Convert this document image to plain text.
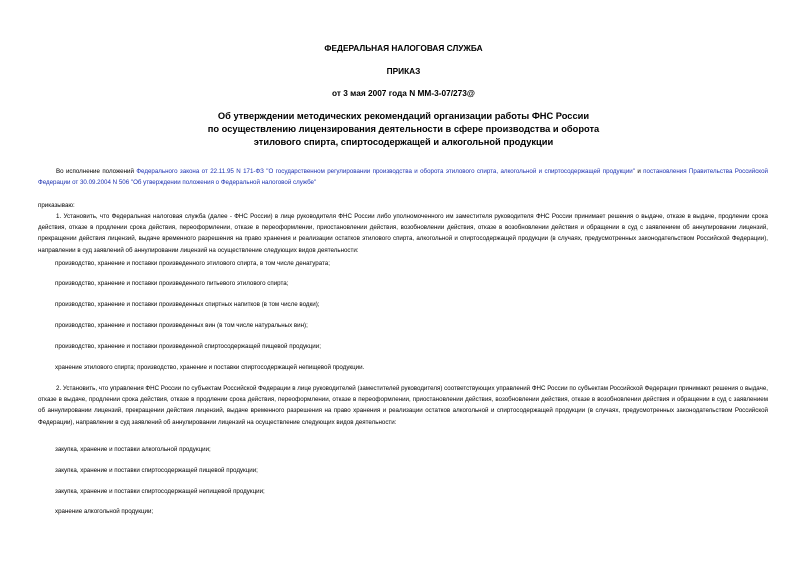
ФЕДЕРАЛЬНАЯ НАЛОГОВАЯ СЛУЖБА
ПРИКАЗ
от 3 мая 2007 года N ММ-3-07/273@
Об утверждении методических рекомендаций организации работы ФНС России
по осуществлению лицензирования деятельности в сфере производства и оборота
этилового спирта, спиртосодержащей и алкогольной продукции
Во исполнение положений Федерального закона от 22.11.95 N 171-ФЗ "О государственном регулировании производства и оборота этилового спирта, алкогольной и спиртосодержащей продукции" и постановления Правительства Российской Федерации от 30.09.2004 N 506 "Об утверждении положения о Федеральной налоговой службе"
приказываю:
1. Установить, что Федеральная налоговая служба (далее - ФНС России) в лице руководителя ФНС России либо уполномоченного им заместителя руководителя ФНС России принимает решения о выдаче, отказе в выдаче, продлении срока действия, отказе в продлении срока действия, переоформлении, отказе в переоформлении, приостановлении действия, возобновлении действия, отказе в возобновлении действия и обращении в суд с заявлением об аннулировании лицензий, прекращении действия лицензий, выдаче временного разрешения на право хранения и реализации остатков этилового спирта, алкогольной и спиртосодержащей продукции (в случаях, предусмотренных законодательством Российской Федерации), направлении в суд заявлений об аннулировании лицензий на осуществление следующих видов деятельности:
производство, хранение и поставки произведенного этилового спирта, в том числе денатурата;
производство, хранение и поставки произведенного питьевого этилового спирта;
производство, хранение и поставки произведенных спиртных напитков (в том числе водки);
производство, хранение и поставки произведенных вин (в том числе натуральных вин);
производство, хранение и поставки произведенной спиртосодержащей пищевой продукции;
хранение этилового спирта; производство, хранение и поставки спиртосодержащей непищевой продукции.
2. Установить, что управления ФНС России по субъектам Российской Федерации в лице руководителей (заместителей руководителя) соответствующих управлений ФНС России по субъектам Российской Федерации принимают решения о выдаче, отказе в выдаче, продлении срока действия, отказе в продлении срока действия, переоформлении, отказе в переоформлении, приостановлении действия, возобновлении действия, отказе в возобновлении действия и обращении в суд с заявлением об аннулировании лицензий, прекращении действия лицензий, выдаче временного разрешения на право хранения и реализации остатков алкогольной и спиртосодержащей продукции (в случаях, предусмотренных законодательством Российской Федерации), направлении в суд заявлений об аннулировании лицензий на осуществление следующих видов деятельности:
закупка, хранение и поставки алкогольной продукции;
закупка, хранение и поставки спиртосодержащей пищевой продукции;
закупка, хранение и поставки спиртосодержащей непищевой продукции;
хранение алкогольной продукции;
